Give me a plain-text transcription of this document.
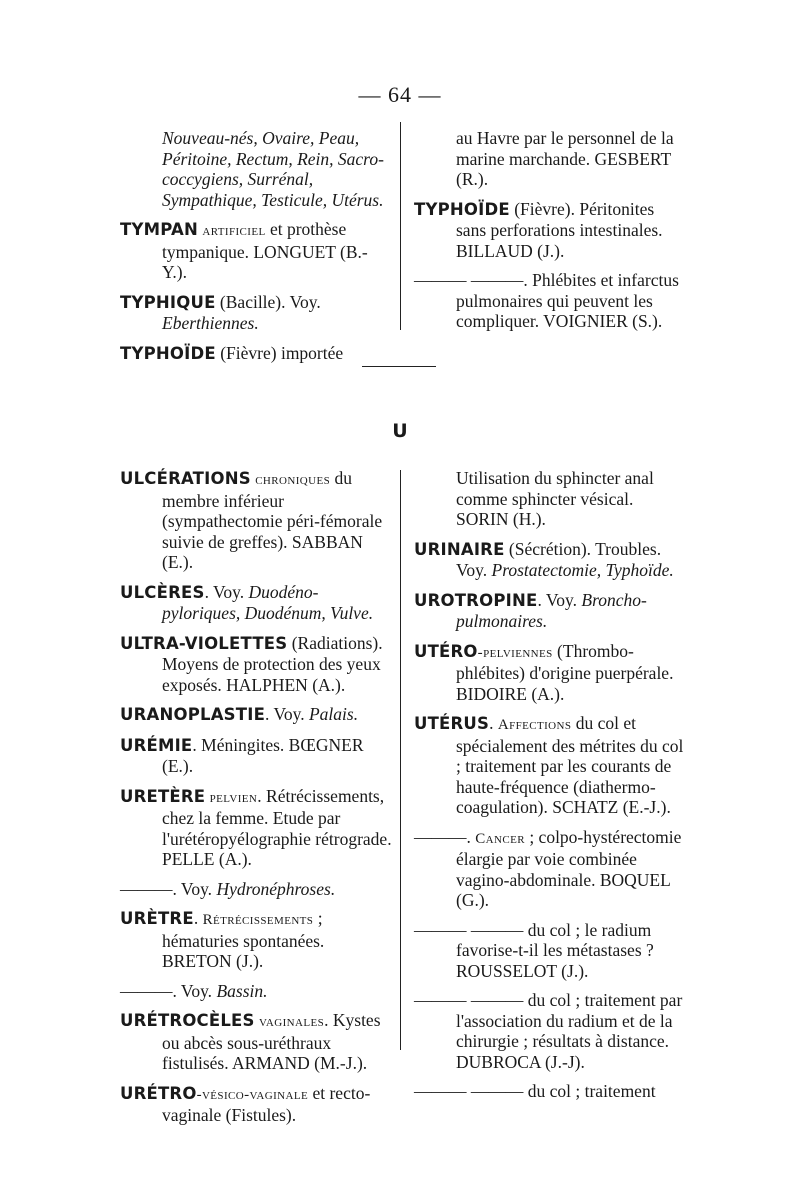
— 64 —

Nouveau-nés, Ovaire, Peau, Péritoine, Rectum, Rein, Sacro-coccygiens, Surrénal, Sympathique, Testicule, Utérus.

TYMPAN artificiel et prothèse tympanique. LONGUET (B.-Y.).

TYPHIQUE (Bacille). Voy. Eberthiennes.

TYPHOÏDE (Fièvre) importée

au Havre par le personnel de la marine marchande. GESBERT (R.).

TYPHOÏDE (Fièvre). Péritonites sans perforations intestinales. BILLAUD (J.).

——— ———. Phlébites et infarctus pulmonaires qui peuvent les compliquer. VOIGNIER (S.).

U

ULCÉRATIONS chroniques du membre inférieur (sympathectomie péri-fémorale suivie de greffes). SABBAN (E.).

ULCÈRES. Voy. Duodéno-pyloriques, Duodénum, Vulve.

ULTRA-VIOLETTES (Radiations). Moyens de protection des yeux exposés. HALPHEN (A.).

URANOPLASTIE. Voy. Palais.

URÉMIE. Méningites. BŒGNER (E.).

URETÈRE pelvien. Rétrécissements, chez la femme. Etude par l'urétéropyélographie rétrograde. PELLE (A.).

———. Voy. Hydronéphroses.

URÈTRE. Rétrécissements ; hématuries spontanées. BRETON (J.).

———. Voy. Bassin.

URÉTROCÈLES vaginales. Kystes ou abcès sous-uréthraux fistulisés. ARMAND (M.-J.).

URÉTRO-vésico-vaginale et recto-vaginale (Fistules).

Utilisation du sphincter anal comme sphincter vésical. SORIN (H.).

URINAIRE (Sécrétion). Troubles. Voy. Prostatectomie, Typhoïde.

UROTROPINE. Voy. Broncho-pulmonaires.

UTÉRO-pelviennes (Thrombo-phlébites) d'origine puerpérale. BIDOIRE (A.).

UTÉRUS. Affections du col et spécialement des métrites du col ; traitement par les courants de haute-fréquence (diathermo-coagulation). SCHATZ (E.-J.).

———. Cancer ; colpo-hystérectomie élargie par voie combinée vagino-abdominale. BOQUEL (G.).

——— ——— du col ; le radium favorise-t-il les métastases ? ROUSSELOT (J.).

——— ——— du col ; traitement par l'association du radium et de la chirurgie ; résultats à distance. DUBROCA (J.-J).

——— ——— du col ; traitement
